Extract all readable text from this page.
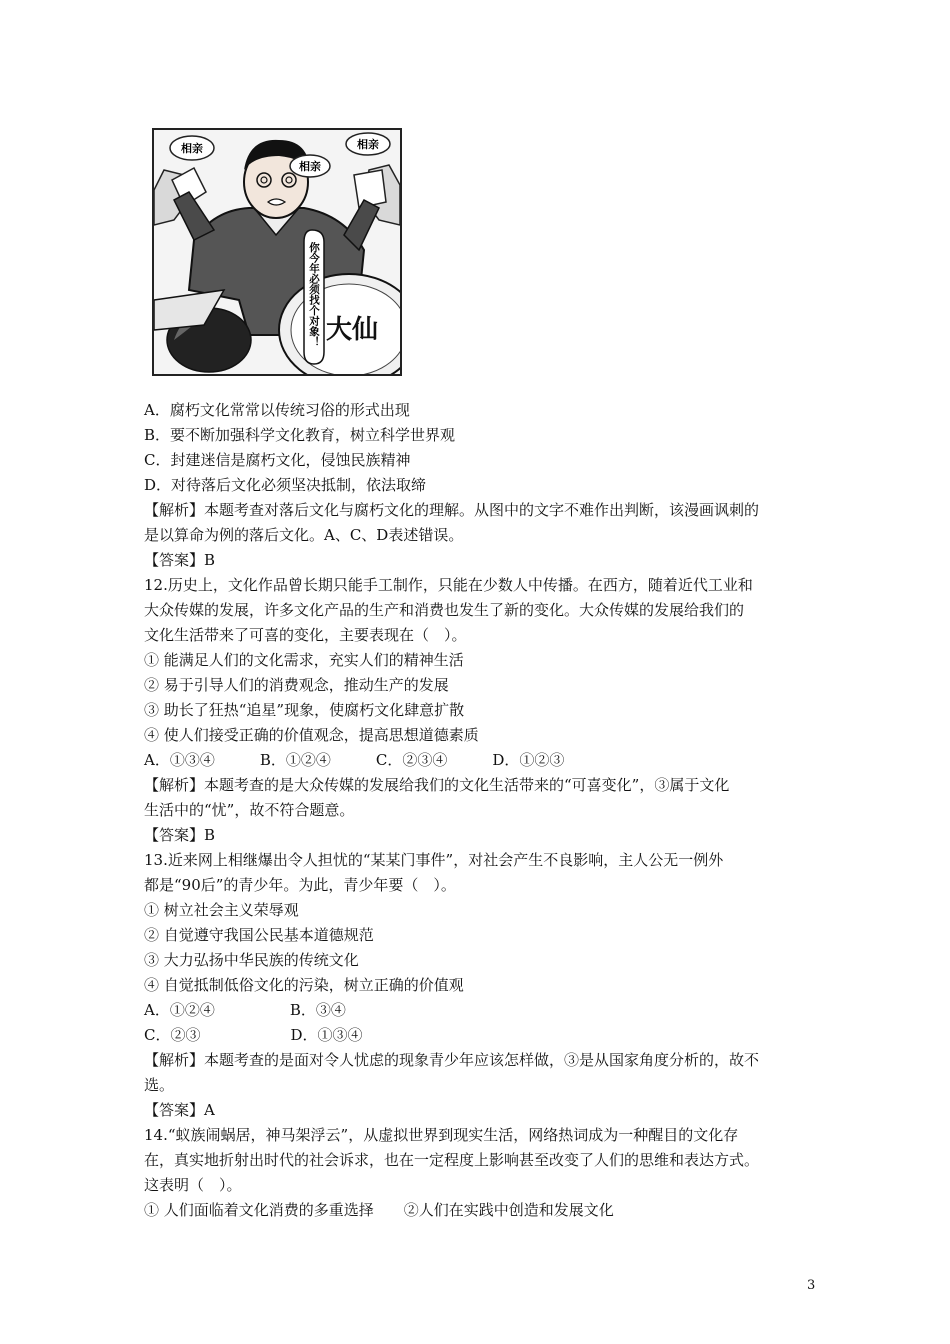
相亲
相亲
相亲
大仙
你今年必须找个对象！
A．腐朽文化常常以传统习俗的形式出现
B．要不断加强科学文化教育，树立科学世界观
C．封建迷信是腐朽文化，侵蚀民族精神
D．对待落后文化必须坚决抵制，依法取缔
【解析】本题考查对落后文化与腐朽文化的理解。从图中的文字不难作出判断，该漫画讽刺的
是以算命为例的落后文化。A、C、D表述错误。
【答案】B
12.历史上，文化作品曾长期只能手工制作，只能在少数人中传播。在西方，随着近代工业和
大众传媒的发展，许多文化产品的生产和消费也发生了新的变化。大众传媒的发展给我们的
文化生活带来了可喜的变化，主要表现在（　）。
① 能满足人们的文化需求，充实人们的精神生活
② 易于引导人们的消费观念，推动生产的发展
③ 助长了狂热“追星”现象，使腐朽文化肆意扩散
④ 使人们接受正确的价值观念，提高思想道德素质
A．①③④　　　B．①②④　　　C．②③④　　　D．①②③
【解析】本题考查的是大众传媒的发展给我们的文化生活带来的“可喜变化”，③属于文化
生活中的“忧”，故不符合题意。
【答案】B
13.近来网上相继爆出令人担忧的“某某门事件”，对社会产生不良影响，主人公无一例外
都是“90后”的青少年。为此，青少年要（　）。
① 树立社会主义荣辱观
② 自觉遵守我国公民基本道德规范
③ 大力弘扬中华民族的传统文化
④ 自觉抵制低俗文化的污染，树立正确的价值观
A．①②④　　　　　B．③④
C．②③　　　　　　D．①③④
【解析】本题考查的是面对令人忧虑的现象青少年应该怎样做，③是从国家角度分析的，故不
选。
【答案】A
14.“蚁族闹蜗居，神马架浮云”，从虚拟世界到现实生活，网络热词成为一种醒目的文化存
在，真实地折射出时代的社会诉求，也在一定程度上影响甚至改变了人们的思维和表达方式。
这表明（　）。
① 人们面临着文化消费的多重选择　　②人们在实践中创造和发展文化
3
